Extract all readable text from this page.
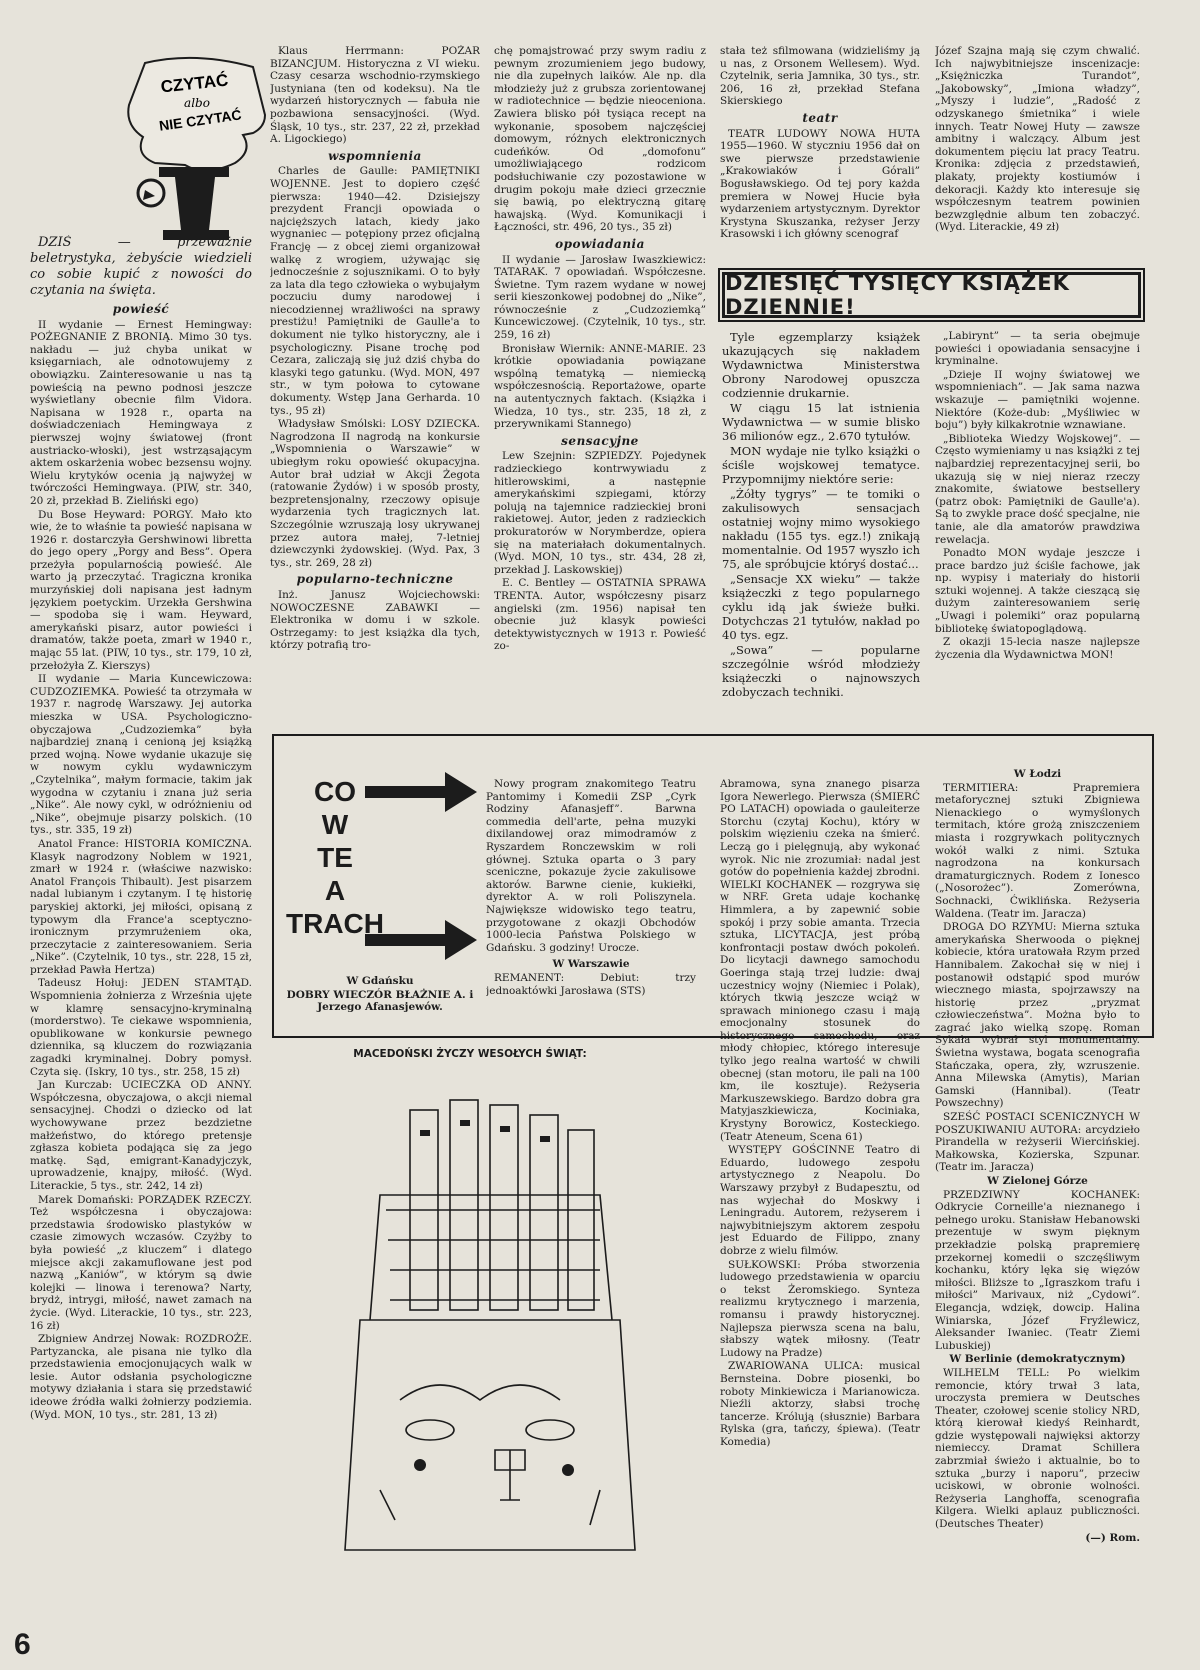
CZYTAĆ
albo
NIE CZYTAĆ

DZIŚ — przeważnie beletrystyka, żebyście wiedzieli co sobie kupić z nowości do czytania na święta.

powieść

II wydanie — Ernest Hemingway: POŻEGNANIE Z BRONIĄ. Mimo 30 tys. nakładu — już chyba unikat w księgarniach, ale odnotowujemy z obowiązku. Zainteresowanie u nas tą powieścią na pewno podnosi jeszcze wyświetlany obecnie film Vidora. Napisana w 1928 r., oparta na doświadczeniach Hemingwaya z pierwszej wojny światowej (front austriacko-włoski), jest wstrząsającym aktem oskarżenia wobec bezsensu wojny. Wielu krytyków ocenia ją najwyżej w twórczości Hemingwaya. (PIW, str. 340, 20 zł, przekład B. Zieliński ego)

Du Bose Heyward: PORGY. Mało kto wie, że to właśnie ta powieść napisana w 1926 r. dostarczyła Gershwinowi libretta do jego opery „Porgy and Bess”. Opera przeżyła popularnością powieść. Ale warto ją przeczytać. Tragiczna kronika murzyńskiej doli napisana jest ładnym językiem poetyckim. Urzekła Gershwina — spodoba się i wam. Heyward, amerykański pisarz, autor powieści i dramatów, także poeta, zmarł w 1940 r., mając 55 lat. (PIW, 10 tys., str. 179, 10 zł, przełożyła Z. Kierszys)

II wydanie — Maria Kuncewiczowa: CUDZOZIEMKA. Powieść ta otrzymała w 1937 r. nagrodę Warszawy. Jej autorka mieszka w USA. Psychologiczno-obyczajowa „Cudzoziemka” była najbardziej znaną i cenioną jej książką przed wojną. Nowe wydanie ukazuje się w nowym cyklu wydawniczym „Czytelnika”, małym formacie, takim jak wygodna w czytaniu i znana już seria „Nike”. Ale nowy cykl, w odróżnieniu od „Nike”, obejmuje pisarzy polskich. (10 tys., str. 335, 19 zł)

Anatol France: HISTORIA KOMICZNA. Klasyk nagrodzony Noblem w 1921, zmarł w 1924 r. (właściwe nazwisko: Anatol François Thibault). Jest pisarzem nadal lubianym i czytanym. I tę historię paryskiej aktorki, jej miłości, opisaną z typowym dla France'a sceptyczno-ironicznym przymrużeniem oka, przeczytacie z zainteresowaniem. Seria „Nike”. (Czytelnik, 10 tys., str. 228, 15 zł, przekład Pawła Hertza)

Tadeusz Hołuj: JEDEN STAMTĄD. Wspomnienia żołnierza z Września ujęte w klamrę sensacyjno-kryminalną (morderstwo). Te ciekawe wspomnienia, opublikowane w konkursie pewnego dziennika, są kluczem do rozwiązania zagadki kryminalnej. Dobry pomysł. Czyta się. (Iskry, 10 tys., str. 258, 15 zł)

Jan Kurczab: UCIECZKA OD ANNY. Współczesna, obyczajowa, o akcji niemal sensacyjnej. Chodzi o dziecko od lat wychowywane przez bezdzietne małżeństwo, do którego pretensje zgłasza kobieta podająca się za jego matkę. Sąd, emigrant-Kanadyjczyk, uprowadzenie, knajpy, miłość. (Wyd. Literackie, 5 tys., str. 242, 14 zł)

Marek Domański: PORZĄDEK RZECZY. Też współczesna i obyczajowa: przedstawia środowisko plastyków w czasie zimowych wczasów. Czyżby to była powieść „z kluczem” i dlatego miejsce akcji zakamuflowane jest pod nazwą „Kaniów”, w którym są dwie kolejki — linowa i terenowa? Narty, brydż, intrygi, miłość, nawet zamach na życie. (Wyd. Literackie, 10 tys., str. 223, 16 zł)

Zbigniew Andrzej Nowak: ROZDROŻE. Partyzancka, ale pisana nie tylko dla przedstawienia emocjonujących walk w lesie. Autor odsłania psychologiczne motywy działania i stara się przedstawić ideowe źródła walki żołnierzy podziemia. (Wyd. MON, 10 tys., str. 281, 13 zł)

Klaus Herrmann: POŻAR BIZANCJUM. Historyczna z VI wieku. Czasy cesarza wschodnio-rzymskiego Justyniana (ten od kodeksu). Na tle wydarzeń historycznych — fabuła nie pozbawiona sensacyjności. (Wyd. Śląsk, 10 tys., str. 237, 22 zł, przekład A. Ligockiego)

wspomnienia

Charles de Gaulle: PAMIĘTNIKI WOJENNE. Jest to dopiero część pierwsza: 1940—42. Dzisiejszy prezydent Francji opowiada o najcięższych latach, kiedy jako wygnaniec — potępiony przez oficjalną Francję — z obcej ziemi organizował walkę z wrogiem, używając się jednocześnie z sojusznikami. O to były za lata dla tego człowieka o wybujałym poczuciu dumy narodowej i niecodziennej wrażliwości na sprawy prestiżu! Pamiętniki de Gaulle'a to dokument nie tylko historyczny, ale i psychologiczny. Pisane trochę pod Cezara, zaliczają się już dziś chyba do klasyki tego gatunku. (Wyd. MON, 497 str., w tym połowa to cytowane dokumenty. Wstęp Jana Gerharda. 10 tys., 95 zł)

Władysław Smólski: LOSY DZIECKA. Nagrodzona II nagrodą na konkursie „Wspomnienia o Warszawie” w ubiegłym roku opowieść okupacyjna. Autor brał udział w Akcji Żegota (ratowanie Żydów) i w sposób prosty, bezpretensjonalny, rzeczowy opisuje wydarzenia tych tragicznych lat. Szczególnie wzruszają losy ukrywanej przez autora małej, 7-letniej dziewczynki żydowskiej. (Wyd. Pax, 3 tys., str. 269, 28 zł)

popularno-techniczne

Inż. Janusz Wojciechowski: NOWOCZESNE ZABAWKI — Elektronika w domu i w szkole. Ostrzegamy: to jest książka dla tych, którzy potrafią tro-

chę pomajstrować przy swym radiu z pewnym zrozumieniem jego budowy, nie dla zupełnych laików. Ale np. dla młodzieży już z grubsza zorientowanej w radiotechnice — będzie nieoceniona. Zawiera blisko pół tysiąca recept na wykonanie, sposobem najczęściej domowym, różnych elektronicznych cudeńków. Od „domofonu” umożliwiającego rodzicom podsłuchiwanie czy pozostawione w drugim pokoju małe dzieci grzecznie się bawią, po elektryczną gitarę hawajską. (Wyd. Komunikacji i Łączności, str. 496, 20 tys., 35 zł)

opowiadania

II wydanie — Jarosław Iwaszkiewicz: TATARAK. 7 opowiadań. Współczesne. Świetne. Tym razem wydane w nowej serii kieszonkowej podobnej do „Nike”, równocześnie z „Cudzoziemką” Kuncewiczowej. (Czytelnik, 10 tys., str. 259, 16 zł)

Bronisław Wiernik: ANNE-MARIE. 23 krótkie opowiadania powiązane wspólną tematyką — niemiecką współczesnością. Reportażowe, oparte na autentycznych faktach. (Książka i Wiedza, 10 tys., str. 235, 18 zł, z przerywnikami Stannego)

sensacyjne

Lew Szejnin: SZPIEDZY. Pojedynek radzieckiego kontrwywiadu z hitlerowskimi, a następnie amerykańskimi szpiegami, którzy polują na tajemnice radzieckiej broni rakietowej. Autor, jeden z radzieckich prokuratorów w Norymberdze, opiera się na materiałach dokumentalnych. (Wyd. MON, 10 tys., str. 434, 28 zł, przekład J. Laskowskiej)

E. C. Bentley — OSTATNIA SPRAWA TRENTA. Autor, współczesny pisarz angielski (zm. 1956) napisał ten obecnie już klasyk powieści detektywistycznych w 1913 r. Powieść zo-

stała też sfilmowana (widzieliśmy ją u nas, z Orsonem Wellesem). Wyd. Czytelnik, seria Jamnika, 30 tys., str. 206, 16 zł, przekład Stefana Skierskiego

teatr

TEATR LUDOWY NOWA HUTA 1955—1960. W styczniu 1956 dał on swe pierwsze przedstawienie „Krakowiaków i Górali” Bogusławskiego. Od tej pory każda premiera w Nowej Hucie była wydarzeniem artystycznym. Dyrektor Krystyna Skuszanka, reżyser Jerzy Krasowski i ich główny scenograf

Józef Szajna mają się czym chwalić. Ich najwybitniejsze inscenizacje: „Księżniczka Turandot”, „Jakobowsky”, „Imiona władzy”, „Myszy i ludzie”, „Radość z odzyskanego śmietnika” i wiele innych. Teatr Nowej Huty — zawsze ambitny i walczący. Album jest dokumentem pięciu lat pracy Teatru. Kronika: zdjęcia z przedstawień, plakaty, projekty kostiumów i dekoracji. Każdy kto interesuje się współczesnym teatrem powinien bezwzględnie album ten zobaczyć. (Wyd. Literackie, 49 zł)

DZIESIĘĆ TYSIĘCY KSIĄŻEK DZIENNIE!

Tyle egzemplarzy książek ukazujących się nakładem Wydawnictwa Ministerstwa Obrony Narodowej opuszcza codziennie drukarnie.

W ciągu 15 lat istnienia Wydawnictwa — w sumie blisko 36 milionów egz., 2.670 tytułów.

MON wydaje nie tylko książki o ściśle wojskowej tematyce. Przypomnijmy niektóre serie:

„Żółty tygrys” — te tomiki o zakulisowych sensacjach ostatniej wojny mimo wysokiego nakładu (155 tys. egz.!) znikają momentalnie. Od 1957 wyszło ich 75, ale spróbujcie któryś dostać...

„Sensacje XX wieku” — także książeczki z tego popularnego cyklu idą jak świeże bułki. Dotychczas 21 tytułów, nakład po 40 tys. egz.

„Sowa” — popularne szczególnie wśród młodzieży książeczki o najnowszych zdobyczach techniki.

„Labirynt” — ta seria obejmuje powieści i opowiadania sensacyjne i kryminalne.

„Dzieje II wojny światowej we wspomnieniach”. — Jak sama nazwa wskazuje — pamiętniki wojenne. Niektóre (Koże-dub: „Myśliwiec w boju”) były kilkakrotnie wznawiane.

„Biblioteka Wiedzy Wojskowej”. — Często wymieniamy u nas książki z tej najbardziej reprezentacyjnej serii, bo ukazują się w niej nieraz rzeczy znakomite, światowe bestsellery (patrz obok: Pamiętniki de Gaulle'a). Są to zwykle prace dość specjalne, nie tanie, ale dla amatorów prawdziwa rewelacja.

Ponadto MON wydaje jeszcze i prace bardzo już ściśle fachowe, jak np. wypisy i materiały do historii sztuki wojennej. A także cieszącą się dużym zainteresowaniem serię „Uwagi i polemiki” oraz popularną bibliotekę światopoglądową.

Z okazji 15-lecia nasze najlepsze życzenia dla Wydawnictwa MON!

CO
W
TE
A
TRACH

W Gdańsku

DOBRY WIECZÓR BŁAŻNIE A. i Jerzego Afanasjewów.

Nowy program znakomitego Teatru Pantomimy i Komedii ZSP „Cyrk Rodziny Afanasjeff”. Barwna commedia dell'arte, pełna muzyki dixilandowej oraz mimodramów z Ryszardem Ronczewskim w roli głównej. Sztuka oparta o 3 pary sceniczne, pokazuje życie zakulisowe aktorów. Barwne cienie, kukiełki, dyrektor A. w roli Poliszynela. Największe widowisko tego teatru, przygotowane z okazji Obchodów 1000-lecia Państwa Polskiego w Gdańsku. 3 godziny! Urocze.

W Warszawie

REMANENT: Debiut: trzy jednoaktówki Jarosława (STS)

Abramowa, syna znanego pisarza Igora Newerlego. Pierwsza (ŚMIERĆ PO LATACH) opowiada o gauleiterze Storchu (czytaj Kochu), który w polskim więzieniu czeka na śmierć. Leczą go i pielęgnują, aby wykonać wyrok. Nic nie zrozumiał: nadal jest gotów do popełnienia każdej zbrodni. WIELKI KOCHANEK — rozgrywa się w NRF. Greta udaje kochankę Himmlera, a by zapewnić sobie spokój i przy sobie amanta. Trzecia sztuka, LICYTACJA, jest próbą konfrontacji postaw dwóch pokoleń. Do licytacji dawnego samochodu Goeringa stają trzej ludzie: dwaj uczestnicy wojny (Niemiec i Polak), których tkwią jeszcze wciąż w sprawach minionego czasu i mają emocjonalny stosunek do historycznego samochodu, oraz młody chłopiec, którego interesuje tylko jego realna wartość w chwili obecnej (stan motoru, ile pali na 100 km, ile kosztuje). Reżyseria Markuszewskiego. Bardzo dobra gra Matyjaszkiewicza, Kociniaka, Krystyny Borowicz, Kosteckiego. (Teatr Ateneum, Scena 61)

WYSTĘPY GOŚCINNE Teatro di Eduardo, ludowego zespołu artystycznego z Neapolu. Do Warszawy przybył z Budapesztu, od nas wyjechał do Moskwy i Leningradu. Autorem, reżyserem i najwybitniejszym aktorem zespołu jest Eduardo de Filippo, znany dobrze z wielu filmów.

SUŁKOWSKI: Próba stworzenia ludowego przedstawienia w oparciu o tekst Żeromskiego. Synteza realizmu krytycznego i marzenia, romansu i prawdy historycznej. Najlepsza pierwsza scena na balu, słabszy wątek miłosny. (Teatr Ludowy na Pradze)

ZWARIOWANA ULICA: musical Bernsteina. Dobre piosenki, bo roboty Minkiewicza i Marianowicza. Nieźli aktorzy, słabsi trochę tancerze. Królują (słusznie) Barbara Rylska (gra, tańczy, śpiewa). (Teatr Komedia)

W Łodzi

TERMITIERA: Prapremiera metaforycznej sztuki Zbigniewa Nienackiego o wymyślonych termitach, które grożą zniszczeniem miasta i rozgrywkach politycznych wokół walki z nimi. Sztuka nagrodzona na konkursach dramaturgicznych. Rodem z Ionesco („Nosorożec”). Zomerówna, Sochnacki, Ćwiklińska. Reżyseria Waldena. (Teatr im. Jaracza)

DROGA DO RZYMU: Mierna sztuka amerykańska Sherwooda o pięknej kobiecie, która uratowała Rzym przed Hannibalem. Zakochał się w niej i postanowił odstąpić spod murów wiecznego miasta, spojrzawszy na historię przez „pryzmat człowieczeństwa”. Można było to zagrać jako wielką szopę. Roman Sykała wybrał styl monumentalny. Świetna wystawa, bogata scenografia Stańczaka, opera, zły, wzruszenie. Anna Milewska (Amytis), Marian Gamski (Hannibal). (Teatr Powszechny)

SZEŚĆ POSTACI SCENICZNYCH W POSZUKIWANIU AUTORA: arcydzieło Pirandella w reżyserii Wiercińskiej. Małkowska, Kozierska, Szpunar. (Teatr im. Jaracza)

W Zielonej Górze

PRZEDZIWNY KOCHANEK: Odkrycie Corneille'a nieznanego i pełnego uroku. Stanisław Hebanowski prezentuje w swym pięknym przekładzie polską prapremierę przekornej komedii o szczęśliwym kochanku, który lęka się więzów miłości. Bliższe to „Igraszkom trafu i miłości” Marivaux, niż „Cydowi”. Elegancja, wdzięk, dowcip. Halina Winiarska, Józef Fryźlewicz, Aleksander Iwaniec. (Teatr Ziemi Lubuskiej)

W Berlinie (demokratycznym)

WILHELM TELL: Po wielkim remoncie, który trwał 3 lata, uroczysta premiera w Deutsches Theater, czołowej scenie stolicy NRD, którą kierował kiedyś Reinhardt, gdzie występowali najwięksi aktorzy niemieccy. Dramat Schillera zabrzmiał świeżo i aktualnie, bo to sztuka „burzy i naporu”, przeciw uciskowi, w obronie wolności. Reżyseria Langhoffa, scenografia Kilgera. Wielki aplauz publiczności. (Deutsches Theater)

(—) Rom.

MACEDOŃSKI ŻYCZY WESOŁYCH ŚWIĄT:
6
